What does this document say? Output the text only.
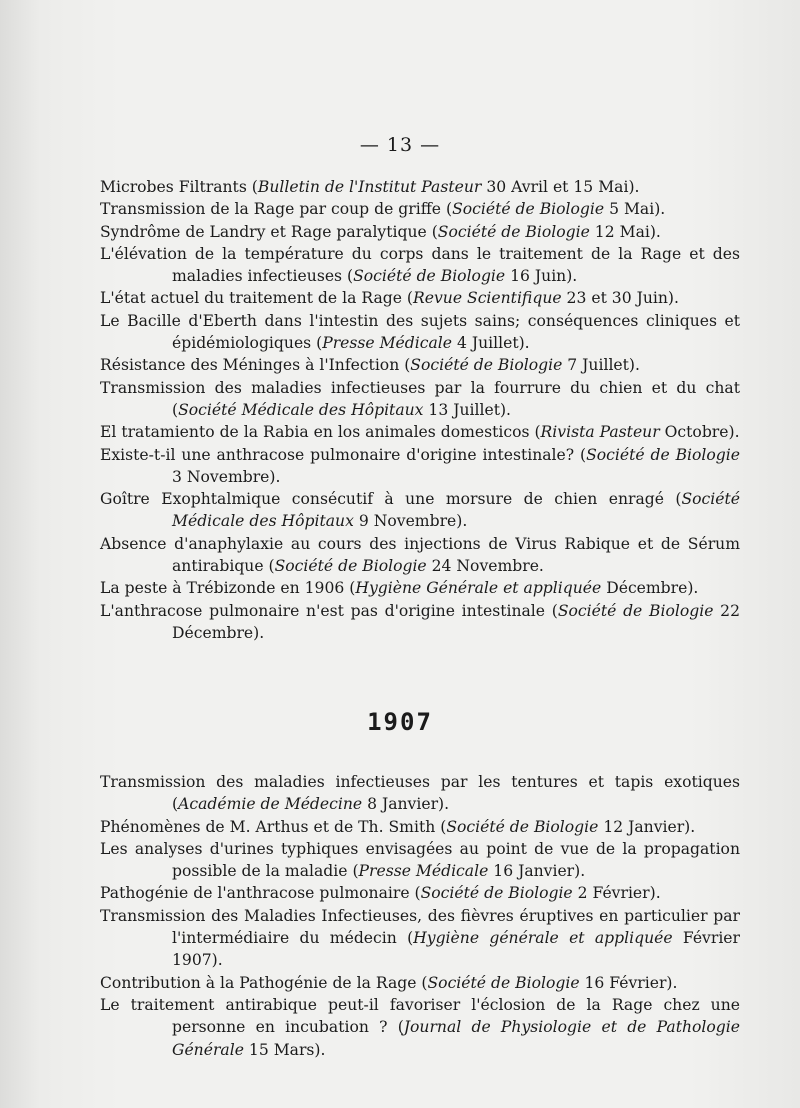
— 13 —
Microbes Filtrants (Bulletin de l'Institut Pasteur 30 Avril et 15 Mai).
Transmission de la Rage par coup de griffe (Société de Biologie 5 Mai).
Syndrôme de Landry et Rage paralytique (Société de Biologie 12 Mai).
L'élévation de la température du corps dans le traitement de la Rage et des maladies infectieuses (Société de Biologie 16 Juin).
L'état actuel du traitement de la Rage (Revue Scientifique 23 et 30 Juin).
Le Bacille d'Eberth dans l'intestin des sujets sains; conséquences cliniques et épidémiologiques (Presse Médicale 4 Juillet).
Résistance des Méninges à l'Infection (Société de Biologie 7 Juillet).
Transmission des maladies infectieuses par la fourrure du chien et du chat (Société Médicale des Hôpitaux 13 Juillet).
El tratamiento de la Rabia en los animales domesticos (Rivista Pasteur Octobre).
Existe-t-il une anthracose pulmonaire d'origine intestinale? (Société de Biologie 3 Novembre).
Goître Exophtalmique consécutif à une morsure de chien enragé (Société Médicale des Hôpitaux 9 Novembre).
Absence d'anaphylaxie au cours des injections de Virus Rabique et de Sérum antirabique (Société de Biologie 24 Novembre.
La peste à Trébizonde en 1906 (Hygiène Générale et appliquée Décembre).
L'anthracose pulmonaire n'est pas d'origine intestinale (Société de Biologie 22 Décembre).
1907
Transmission des maladies infectieuses par les tentures et tapis exotiques (Académie de Médecine 8 Janvier).
Phénomènes de M. Arthus et de Th. Smith (Société de Biologie 12 Janvier).
Les analyses d'urines typhiques envisagées au point de vue de la propagation possible de la maladie (Presse Médicale 16 Janvier).
Pathogénie de l'anthracose pulmonaire (Société de Biologie 2 Février).
Transmission des Maladies Infectieuses, des fièvres éruptives en particulier par l'intermédiaire du médecin (Hygiène générale et appliquée Février 1907).
Contribution à la Pathogénie de la Rage (Société de Biologie 16 Février).
Le traitement antirabique peut-il favoriser l'éclosion de la Rage chez une personne en incubation ? (Journal de Physiologie et de Pathologie Générale 15 Mars).
